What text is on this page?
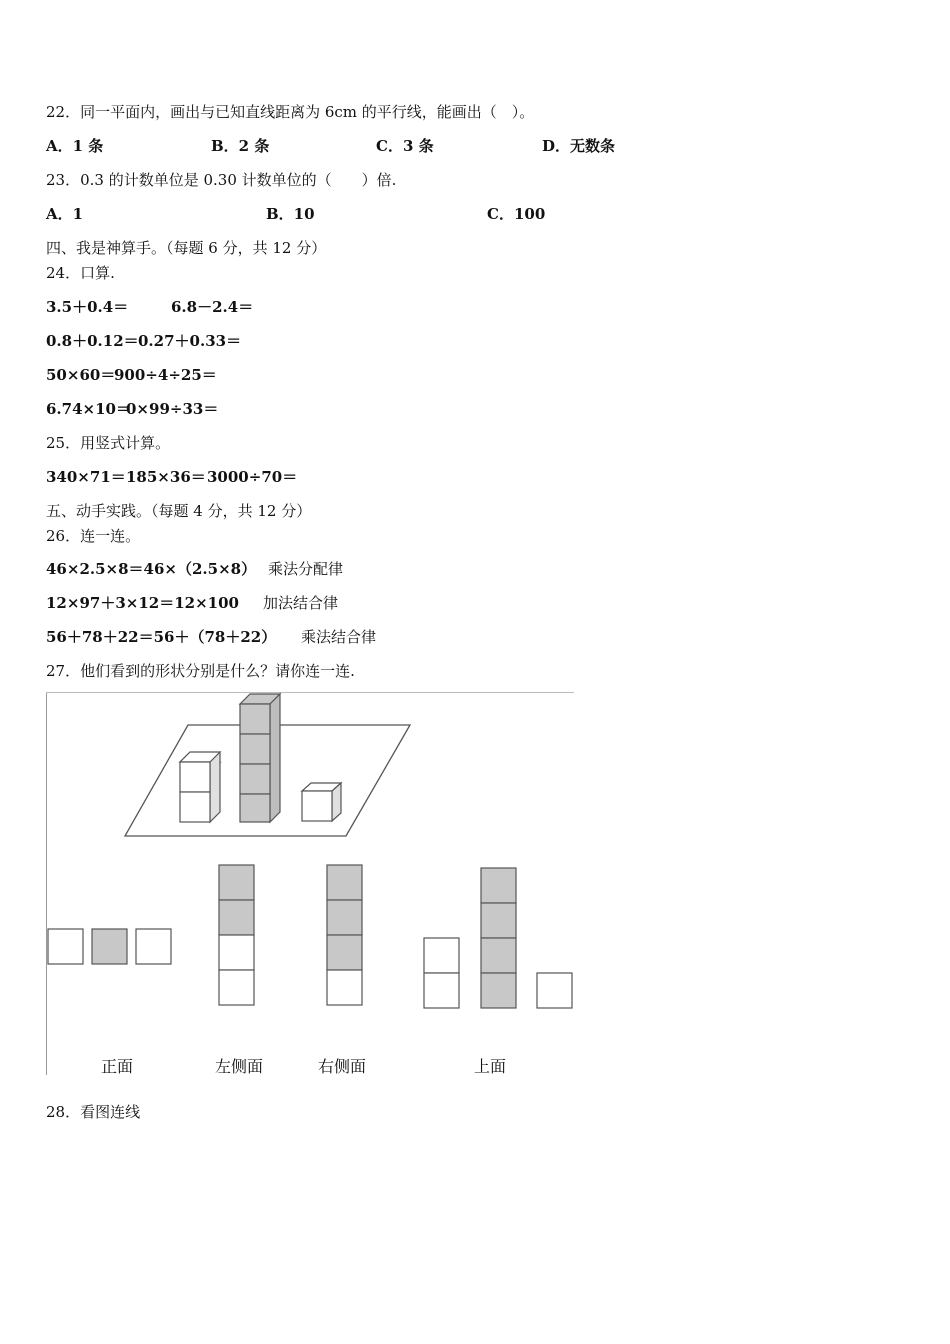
22．同一平面内，画出与已知直线距离为 6cm 的平行线，能画出（　）。
A．1 条	B．2 条	C．3 条	D．无数条
23．0.3 的计数单位是 0.30 计数单位的（　　）倍.
A．1	B．10	C．100
四、我是神算手。（每题 6 分，共 12 分）
24．口算.
3.5＋0.4＝	6.8－2.4＝
0.8＋0.12＝ 0.27＋0.33＝
50×60＝
900÷4÷25＝
6.74×10＝
0×99÷33＝
25．用竖式计算。
340×71＝ 185×36＝ 3000÷70＝
五、动手实践。（每题 4 分，共 12 分）
26．连一连。
46×2.5×8＝46×（2.5×8） 乘法分配律
12×97＋3×12＝12×100 加法结合律
56＋78＋22＝56＋（78＋22） 乘法结合律
27．他们看到的形状分别是什么？请你连一连.
正面	左侧面	右侧面	上面
28．看图连线
